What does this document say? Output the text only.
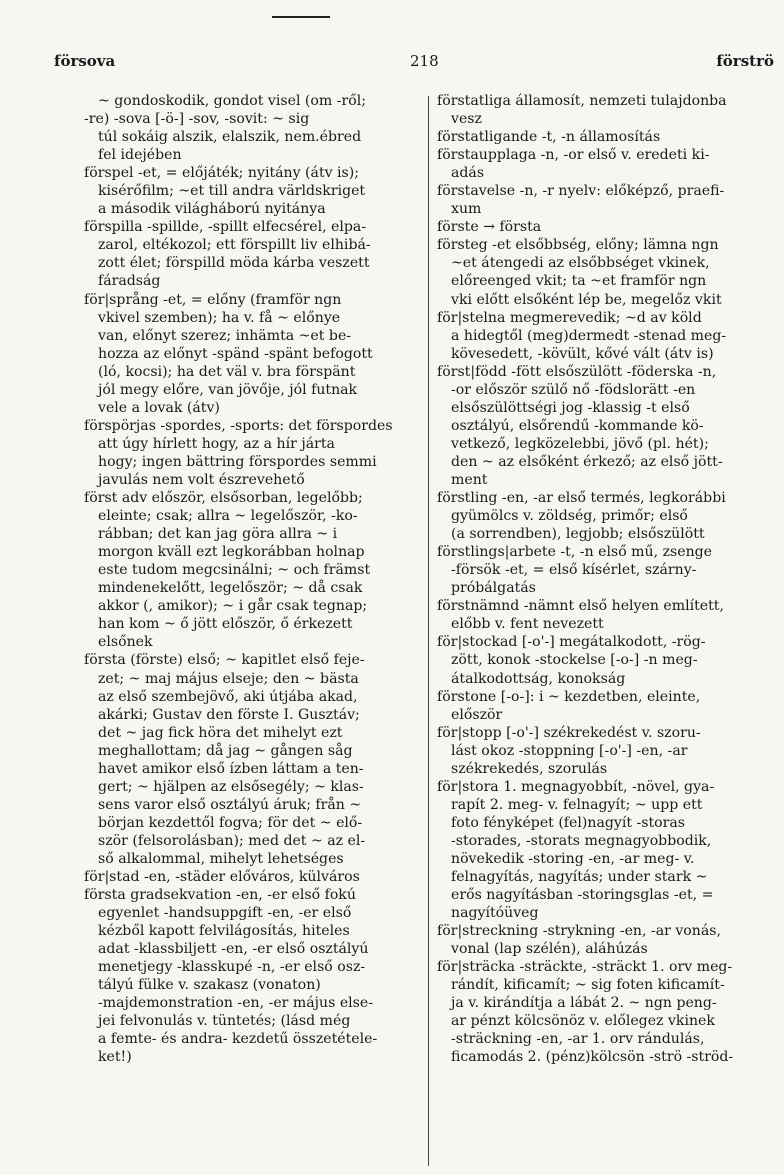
förs​ova	218	förströ
~ gondoskodik, gondot visel (om -ről;
-re) -sova [-ö-] -sov, -sovit: ~ sig
túl sokáig alszik, elalszik, nem.ébred
fel idejében
förspel -et, = előjáték; nyitány (átv is);
kisérőfilm; ~et till andra världskriget
a második világháború nyitánya
förspilla -spillde, -spillt elfecsérel, elpa-
zarol, eltékozol; ett förspillt liv elhibá-
zott élet; förspilld möda kárba veszett
fáradság
för|språng -et, = előny (framför ngn
vkivel szemben); ha v. få ~ előnye
van, előnyt szerez; inhämta ~et be-
hozza az előnyt -spänd -spänt befogott
(ló, kocsi); ha det väl v. bra förspänt
jól megy előre, van jövője, jól futnak
vele a lovak (átv)
förspörjas -spordes, -sports: det förspordes
att úgy hírlett hogy, az a hír járta
hogy; ingen bättring förspordes semmi
javulás nem volt észrevehető
först adv először, elsősorban, legelőbb;
eleinte; csak; allra ~ legelőször, -ko-
rábban; det kan jag göra allra ~ i
morgon kväll ezt legkorábban holnap
este tudom megcsinálni; ~ och främst
mindenekelőtt, legelőször; ~ då csak
akkor (, amikor); ~ i går csak tegnap;
han kom ~ ő jött először, ő érkezett
elsőnek
första (förste) első; ~ kapitlet első feje-
zet; ~ maj május elseje; den ~ bästa
az első szembejövő, aki útjába akad,
akárki; Gustav den förste I. Gusztáv;
det ~ jag fick höra det mihelyt ezt
meghallottam; då jag ~ gången såg
havet amikor első ízben láttam a ten-
gert; ~ hjälpen az elsősegély; ~ klas-
sens varor első osztályú áruk; från ~
början kezdettől fogva; för det ~ elő-
ször (felsorolásban); med det ~ az el-
ső alkalommal, mihelyt lehetséges
för|stad -en, -städer előváros, külváros
första gradsekvation -en, -er első fokú
egyenlet -handsuppgift -en, -er első
kézből kapott felvilágosítás, hiteles
adat -klassbiljett -en, -er első osztályú
menetjegy -klasskupé -n, -er első osz-
tályú fülke v. szakasz (vonaton)
-majdemonstration -en, -er május else-
jei felvonulás v. tüntetés; (lásd még
a femte- és andra- kezdetű összetétele-
ket!)
förstatliga államosít, nemzeti tulajdonba
vesz
förstatligande -t, -n államosítás
förstaupplaga -n, -or első v. eredeti ki-
adás
förstavelse -n, -r nyelv: előképző, praefi-
xum
förste → första
försteg -et elsőbbség, előny; lämna ngn
~et átengedi az elsőbbséget vkinek,
előreenged vkit; ta ~et framför ngn
vki előtt elsőként lép be, megelőz vkit
för|stelna megmerevedik; ~d av köld
a hidegtől (meg)dermedt -stenad meg-
kövesedett, -kövült, kővé vált (átv is)
först|född -fött elsőszülött -föderska -n,
-or először szülő nő -födslorätt -en
elsőszülöttségi jog -klassig -t első
osztályú, elsőrendű -kommande kö-
vetkező, legközelebbi, jövő (pl. hét);
den ~ az elsőként érkező; az első jött-
ment
förstling -en, -ar első termés, legkorábbi
gyümölcs v. zöldség, primőr; első
(a sorrendben), legjobb; elsőszülött
förstlings|arbete -t, -n első mű, zsenge
-försök -et, = első kísérlet, szárny-
próbálgatás
förstnämnd -nämnt első helyen említett,
előbb v. fent nevezett
för|stockad [-o'-] megátalkodott, -rög-
zött, konok -stockelse [-o-] -n meg-
átalkodottság, konokság
förstone [-o-]: i ~ kezdetben, eleinte,
először
för|stopp [-o'-] székrekedést v. szoru-
lást okoz -stoppning [-o'-] -en, -ar
székrekedés, szorulás
för|stora 1. megnagyobbít, -növel, gya-
rapít 2. meg- v. felnagyít; ~ upp ett
foto fényképet (fel)nagyít -storas
-storades, -storats megnagyobbodik,
növekedik -storing -en, -ar meg- v.
felnagyítás, nagyítás; under stark ~
erős nagyításban -storingsglas -et, =
nagyítóüveg
för|streckning -strykning -en, -ar vonás,
vonal (lap szélén), aláhúzás
för|sträcka -sträckte, -sträckt 1. orv meg-
rándít, kificamít; ~ sig foten kificamít-
ja v. kirándítja a lábát 2. ~ ngn peng-
ar pénzt kölcsönöz v. előlegez vkinek
-sträckning -en, -ar 1. orv rándulás,
ficamodás 2. (pénz)kölcsön -strö -ströd-
